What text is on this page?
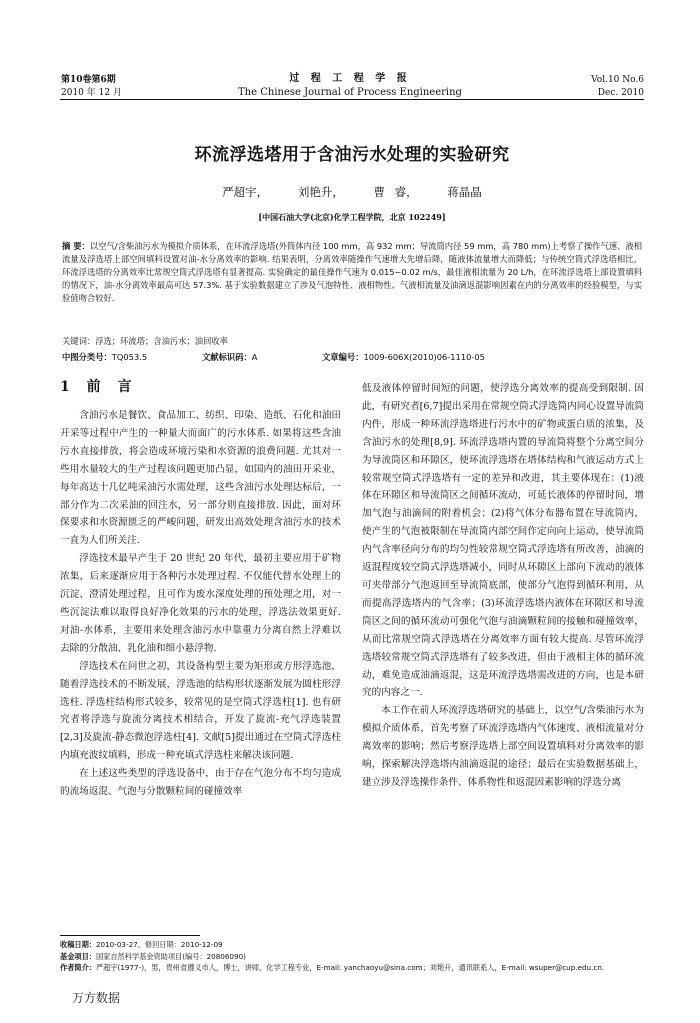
第10卷第6期
2010 年 12 月
过 程 工 程 学 报
The Chinese Journal of Process Engineering
Vol.10 No.6
Dec. 2010
环流浮选塔用于含油污水处理的实验研究
严超宇，	刘艳升，	曹 睿，	蒋晶晶
[中国石油大学(北京)化学工程学院，北京 102249]
摘 要：以空气/含柴油污水为模拟介质体系，在环流浮选塔(外筒体内径 100 mm，高 932 mm；导流筒内径 59 mm，高 780 mm)上考察了操作气速、液相流量及浮选塔上部空间填料设置对油-水分离效率的影响. 结果表明，分离效率随操作气速增大先增后降，随液体流量增大而降低；与传统空筒式浮选塔相比，环流浮选塔的分离效率比常规空筒式浮选塔有显著提高. 实验确定的最佳操作气速为 0.015~0.02 m/s，最佳液相流量为 20 L/h，在环流浮选塔上部设置填料的情况下，油-水分离效率最高可达 57.3%. 基于实验数据建立了涉及气泡特性、液相物性、气液相流量及油滴返混影响因素在内的分离效率的经验模型，与实验值吻合较好.
关键词：浮选；环流塔；含油污水；油回收率
中图分类号：TQ053.5	文献标识码：A	文章编号：1009-606X(2010)06-1110-05
1 前 言

含油污水是餐饮、食品加工、纺织、印染、造纸、石化和油田开采等过程中产生的一种量大而面广的污水体系. 如果将这些含油污水直接排放，将会造成环境污染和水资源的浪费问题. 尤其对一些用水量较大的生产过程该问题更加凸显，如国内的油田开采业，每年高达十几亿吨采油污水需处理，这些含油污水处理达标后，一部分作为二次采油的回注水，另一部分则直接排放. 因此，面对环保要求和水资源匮乏的严峻问题，研发出高效处理含油污水的技术一直为人们所关注.

浮选技术最早产生于 20 世纪 20 年代，最初主要应用于矿物浓集，后来逐渐应用于各种污水处理过程. 不仅能代替水处理上的沉淀、澄清处理过程，且可作为废水深度处理的预处理之用，对一些沉淀法难以取得良好净化效果的污水的处理，浮选法效果更好. 对油-水体系，主要用来处理含油污水中靠重力分离自然上浮难以去除的分散油、乳化油和细小悬浮物.

浮选技术在问世之初，其设备构型主要为矩形或方形浮选池，随着浮选技术的不断发展，浮选池的结构形状逐渐发展为圆柱形浮选柱. 浮选柱结构形式较多，较常见的是空筒式浮选柱[1]. 也有研究者将浮选与旋流分离技术相结合，开发了旋流-充气浮选装置[2,3]及旋流-静态微泡浮选柱[4]. 文献[5]提出通过在空筒式浮选柱内填充波纹填料，形成一种充填式浮选柱来解决该问题.

在上述这些类型的浮选设备中，由于存在气泡分布不均匀造成的流场返混、气泡与分散颗粒间的碰撞效率

低及液体停留时间短的问题，使浮选分离效率的提高受到限制. 因此，有研究者[6,7]提出采用在常规空筒式浮选筒内同心设置导流筒内件，形成一种环流浮选塔进行污水中的矿物或蛋白质的浓集，及含油污水的处理[8,9]. 环流浮选塔内置的导流筒将整个分离空间分为导流筒区和环隙区，使环流浮选塔在塔体结构和气液运动方式上较常规空筒式浮选塔有一定的差异和改进，其主要体现在：(1)液体在环隙区和导流筒区之间循环流动，可延长液体的停留时间，增加气泡与油滴间的附着机会；(2)将气体分布器布置在导流筒内，使产生的气泡被限制在导流筒内部空间作定向向上运动，使导流筒内气含率径向分布的均匀性较常规空筒式浮选塔有所改善，油滴的返混程度较空筒式浮选塔减小，同时从环隙区上部向下流动的液体可夹带部分气泡返回至导流筒底部，使部分气泡得到循环利用，从而提高浮选塔内的气含率；(3)环流浮选塔内液体在环隙区和导流筒区之间的循环流动可强化气泡与油滴颗粒间的接触和碰撞效率，从而比常规空筒式浮选塔在分离效率方面有较大提高. 尽管环流浮选塔较常规空筒式浮选塔有了较多改进，但由于液相主体的循环流动，难免造成油滴返混，这是环流浮选塔需改进的方向，也是本研究的内容之一.

本工作在前人环流浮选塔研究的基础上，以空气/含柴油污水为模拟介质体系，首先考察了环流浮选塔内气体速度、液相流量对分离效率的影响；然后考察浮选塔上部空间设置填料对分离效率的影响，探索解决浮选塔内油滴返混的途径；最后在实验数据基础上，建立涉及浮选操作条件、体系物性和返混因素影响的浮选分离

收稿日期：2010-03-27，修回日期：2010-12-09
基金项目：国家自然科学基金资助项目(编号：20806090)
作者简介：严超宇(1977-)，男，贵州省遵义市人，博士，讲师，化学工程专业，E-mail: yanchaoyu@sina.com；刘艳升，通讯联系人，E-mail: wsuper@cup.edu.cn.
万方数据
